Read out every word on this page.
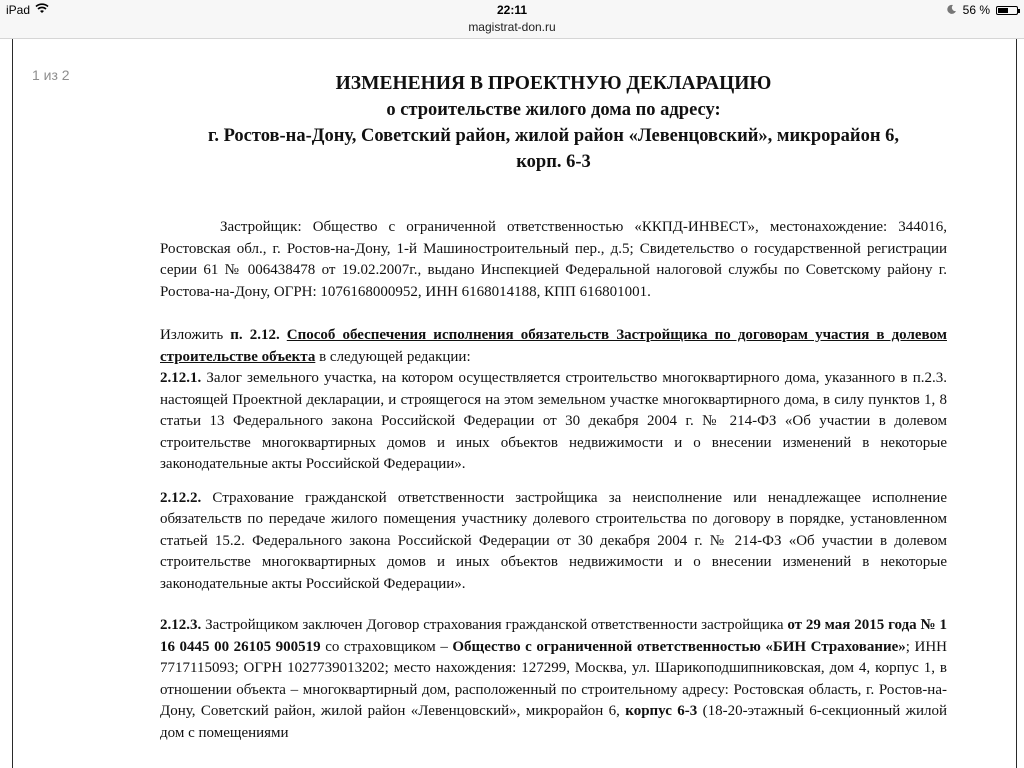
iPad	22:11	56 %
magistrat-don.ru
1 из 2	ИЗМЕНЕНИЯ В ПРОЕКТНУЮ ДЕКЛАРАЦИЮ

о строительстве жилого дома по адресу:

г. Ростов-на-Дону, Советский район, жилой район «Левенцовский», микрорайон 6,

корп. 6-3

Застройщик: Общество с ограниченной ответственностью «ККПД-ИНВЕСТ», местонахождение: 344016, Ростовская обл., г. Ростов-на-Дону, 1-й Машиностроительный пер., д.5; Свидетельство о государственной регистрации серии 61 № 006438478 от 19.02.2007г., выдано Инспекцией Федеральной налоговой службы по Советскому району г. Ростова-на-Дону, ОГРН: 1076168000952, ИНН 6168014188, КПП 616801001.

Изложить п. 2.12. Способ обеспечения исполнения обязательств Застройщика по договорам участия в долевом строительстве объекта в следующей редакции:

2.12.1. Залог земельного участка, на котором осуществляется строительство многоквартирного дома, указанного в п.2.3. настоящей Проектной декларации, и строящегося на этом земельном участке многоквартирного дома, в силу пунктов 1, 8 статьи 13 Федерального закона Российской Федерации от 30 декабря 2004 г. № 214-ФЗ «Об участии в долевом строительстве многоквартирных домов и иных объектов недвижимости и о внесении изменений в некоторые законодательные акты Российской Федерации».

2.12.2. Страхование гражданской ответственности застройщика за неисполнение или ненадлежащее исполнение обязательств по передаче жилого помещения участнику долевого строительства по договору в порядке, установленном статьей 15.2. Федерального закона Российской Федерации от 30 декабря 2004 г. № 214-ФЗ «Об участии в долевом строительстве многоквартирных домов и иных объектов недвижимости и о внесении изменений в некоторые законодательные акты Российской Федерации».

2.12.3. Застройщиком заключен Договор страхования гражданской ответственности застройщика от 29 мая 2015 года № 1 16 0445 00 26105 900519 со страховщиком – Общество с ограниченной ответственностью «БИН Страхование»; ИНН 7717115093; ОГРН 1027739013202; место нахождения: 127299, Москва, ул. Шарикоподшипниковская, дом 4, корпус 1, в отношении объекта – многоквартирный дом, расположенный по строительному адресу: Ростовская область, г. Ростов-на-Дону, Советский район, жилой район «Левенцовский», микрорайон 6, корпус 6-3 (18-20-этажный 6-секционный жилой дом с помещениями
